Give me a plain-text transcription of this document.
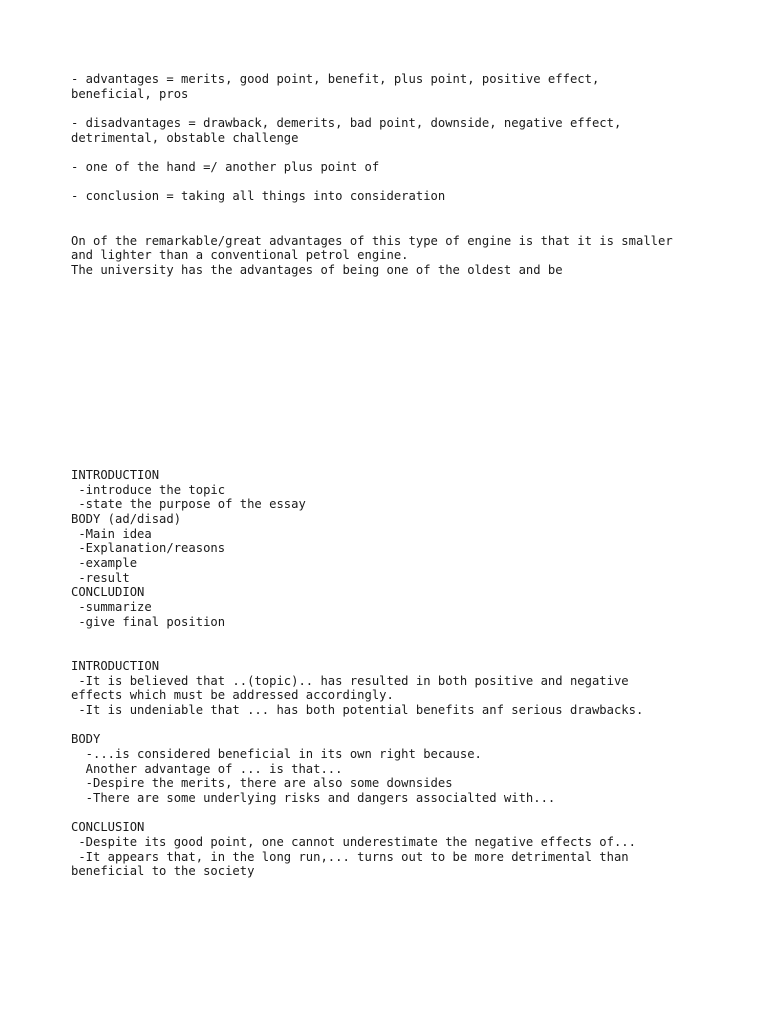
- advantages = merits, good point, benefit, plus point, positive effect,
beneficial, pros
- disadvantages = drawback, demerits, bad point, downside, negative effect,
detrimental, obstable challenge
- one of the hand =/ another plus point of
- conclusion = taking all things into consideration
On of the remarkable/great advantages of this type of engine is that it is smaller
and lighter than a conventional petrol engine.
The university has the advantages of being one of the oldest and be
INTRODUCTION
-introduce the topic
-state the purpose of the essay
BODY (ad/disad)
-Main idea
-Explanation/reasons
-example
-result
CONCLUDION
-summarize
-give final position
INTRODUCTION
-It is believed that ..(topic).. has resulted in both positive and negative
effects which must be addressed accordingly.
-It is undeniable that ... has both potential benefits anf serious drawbacks.
BODY
-...is considered beneficial in its own right because.
Another advantage of ... is that...
-Despire the merits, there are also some downsides
-There are some underlying risks and dangers associalted with...
CONCLUSION
-Despite its good point, one cannot underestimate the negative effects of...
-It appears that, in the long run,... turns out to be more detrimental than
beneficial to the society
